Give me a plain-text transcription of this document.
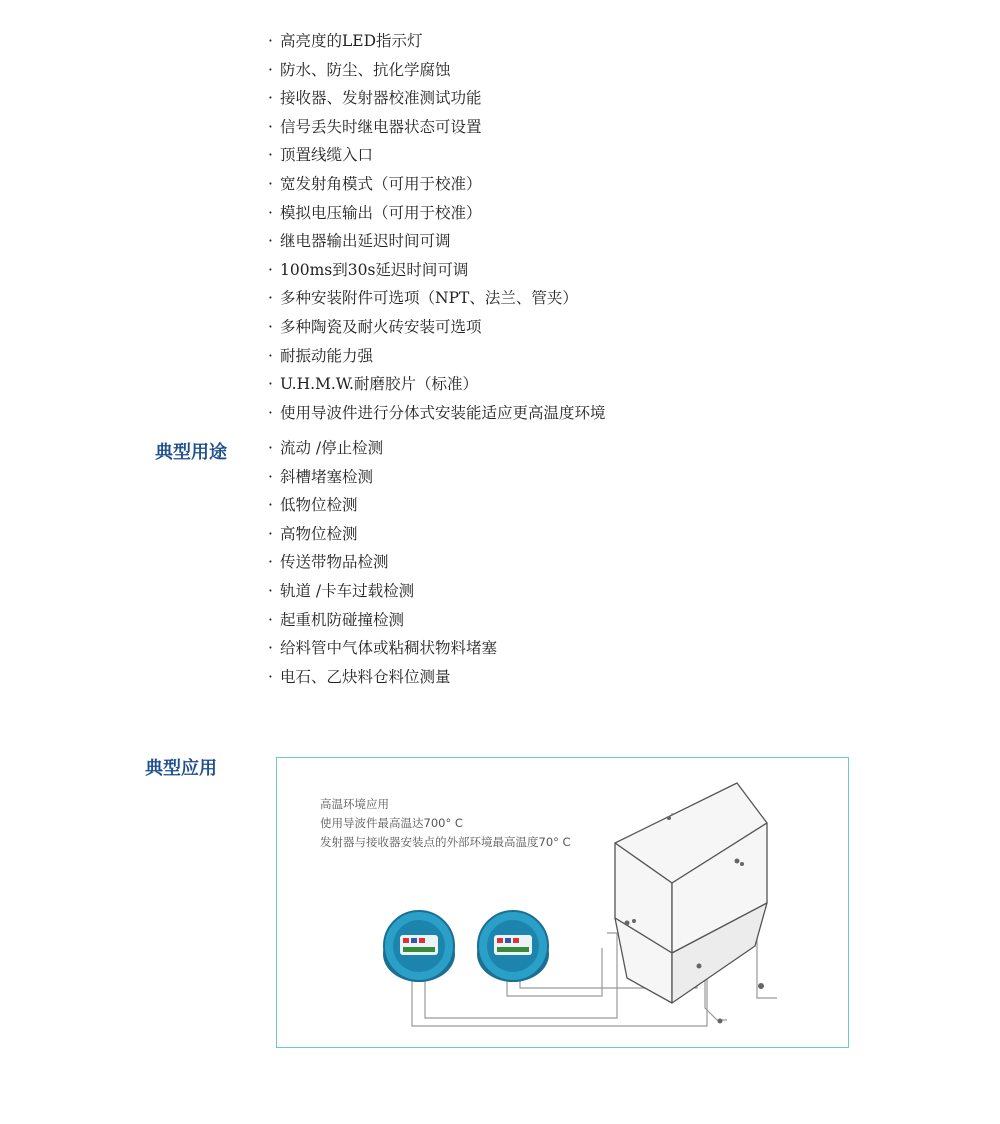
· 高亮度的LED指示灯
· 防水、防尘、抗化学腐蚀
· 接收器、发射器校准测试功能
· 信号丢失时继电器状态可设置
· 顶置线缆入口
· 宽发射角模式（可用于校准）
· 模拟电压输出（可用于校准）
· 继电器输出延迟时间可调
· 100ms到30s延迟时间可调
· 多种安装附件可选项（NPT、法兰、管夹）
· 多种陶瓷及耐火砖安装可选项
· 耐振动能力强
· U.H.M.W.耐磨胶片（标准）
· 使用导波件进行分体式安装能适应更高温度环境
典型用途	· 流动 /停止检测
· 斜槽堵塞检测
· 低物位检测
· 高物位检测
· 传送带物品检测
· 轨道 /卡车过载检测
· 起重机防碰撞检测
· 给料管中气体或粘稠状物料堵塞
· 电石、乙炔料仓料位测量
典型应用
高温环境应用
使用导波件最高温达700° C
发射器与接收器安装点的外部环境最高温度70° C
